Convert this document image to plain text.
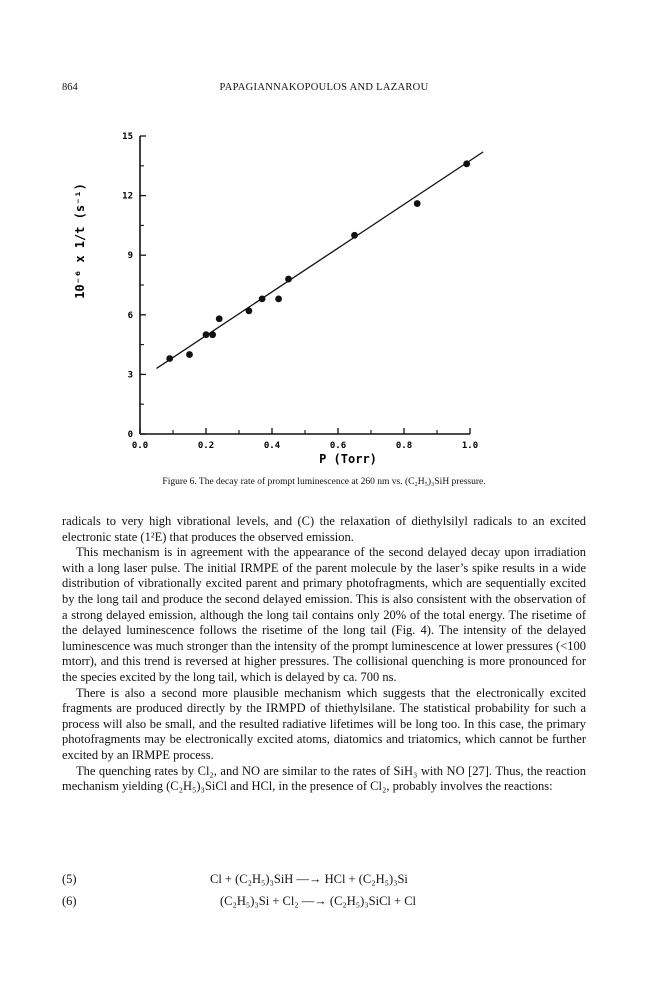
864	PAPAGIANNAKOPOULOS AND LAZAROU
0.0	0.2	0.4	0.6	0.8	1.0
0
3
6
9
12
15
10⁻⁶ x 1/t (s⁻¹)
P (Torr)
Figure 6. The decay rate of prompt luminescence at 260 nm vs. (C₂H₅)₃SiH pressure.

radicals to very high vibrational levels, and (C) the relaxation of diethylsilyl radicals to an excited electronic state (1²E) that produces the observed emission.

This mechanism is in agreement with the appearance of the second delayed decay upon irradiation with a long laser pulse. The initial IRMPE of the parent molecule by the laser’s spike results in a wide distribution of vibrationally excited parent and primary photofragments, which are sequentially excited by the long tail and produce the second delayed emission. This is also consistent with the observation of a strong delayed emission, although the long tail contains only 20% of the total energy. The risetime of the delayed luminescence follows the risetime of the long tail (Fig. 4). The intensity of the delayed luminescence was much stronger than the intensity of the prompt luminescence at lower pressures (<100 mtorr), and this trend is reversed at higher pressures. The collisional quenching is more pronounced for the species excited by the long tail, which is delayed by ca. 700 ns.

There is also a second more plausible mechanism which suggests that the electronically excited fragments are produced directly by the IRMPD of thiethylsilane. The statistical probability for such a process will also be small, and the resulted radiative lifetimes will be long too. In this case, the primary photofragments may be electronically excited atoms, diatomics and triatomics, which cannot be further excited by an IRMPE process.

The quenching rates by Cl₂, and NO are similar to the rates of SiH₃ with NO [27]. Thus, the reaction mechanism yielding (C₂H₅)₃SiCl and HCl, in the presence of Cl₂, probably involves the reactions:

(5)	Cl + (C₂H₅)₃SiH —→ HCl + (C₂H₅)₃Si
(6)	(C₂H₅)₃Si + Cl₂ —→ (C₂H₅)₃SiCl + Cl
